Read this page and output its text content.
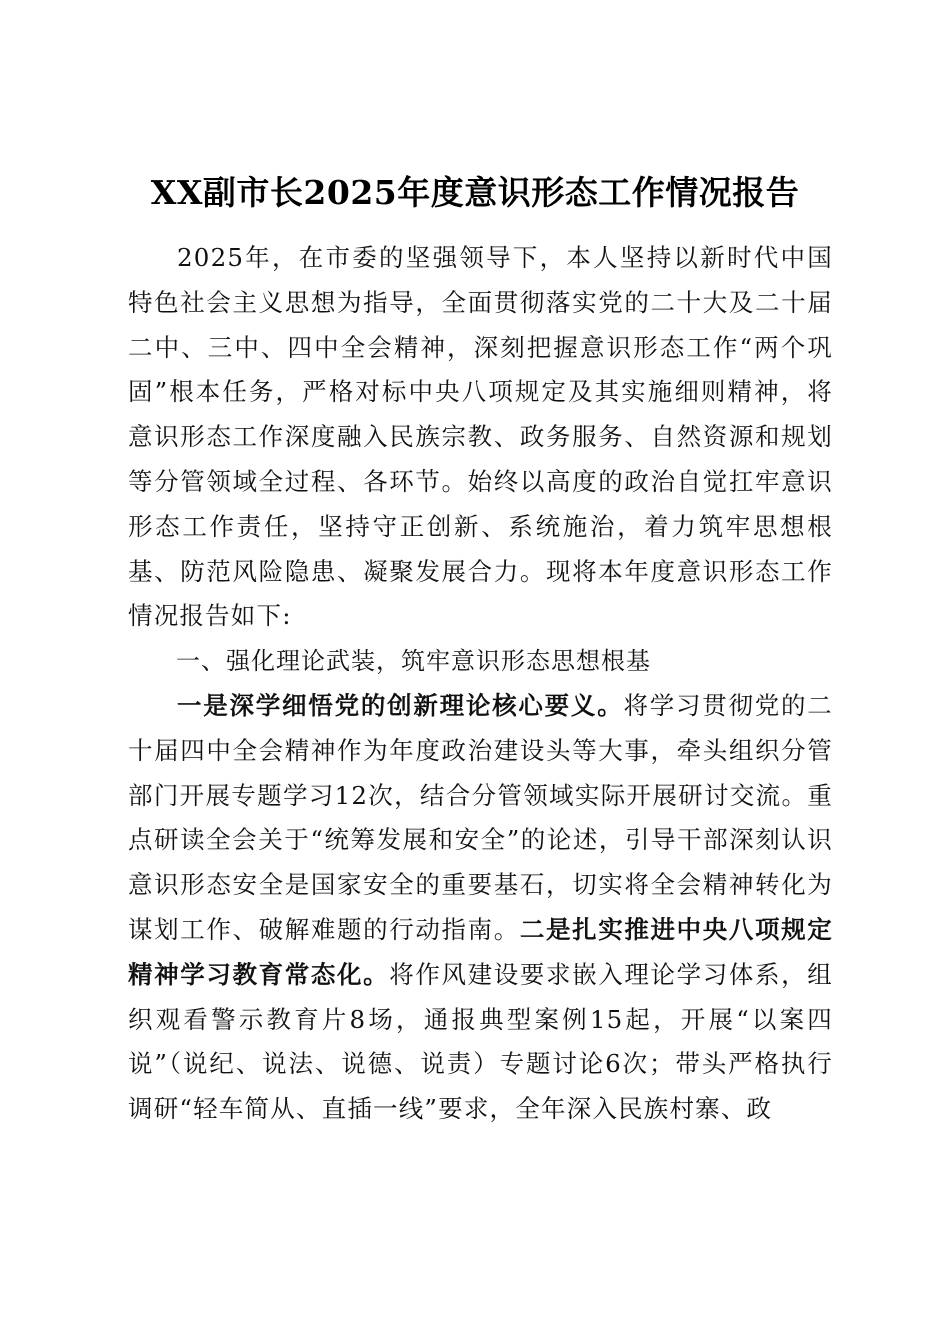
XX副市长2025年度意识形态工作情况报告

2025年，在市委的坚强领导下，本人坚持以新时代中国特色社会主义思想为指导，全面贯彻落实党的二十大及二十届二中、三中、四中全会精神，深刻把握意识形态工作“两个巩固”根本任务，严格对标中央八项规定及其实施细则精神，将意识形态工作深度融入民族宗教、政务服务、自然资源和规划等分管领域全过程、各环节。始终以高度的政治自觉扛牢意识形态工作责任，坚持守正创新、系统施治，着力筑牢思想根基、防范风险隐患、凝聚发展合力。现将本年度意识形态工作情况报告如下:

一、强化理论武装，筑牢意识形态思想根基

一是深学细悟党的创新理论核心要义。将学习贯彻党的二十届四中全会精神作为年度政治建设头等大事，牵头组织分管部门开展专题学习12次，结合分管领域实际开展研讨交流。重点研读全会关于“统筹发展和安全”的论述，引导干部深刻认识意识形态安全是国家安全的重要基石，切实将全会精神转化为谋划工作、破解难题的行动指南。二是扎实推进中央八项规定精神学习教育常态化。将作风建设要求嵌入理论学习体系，组织观看警示教育片8场，通报典型案例15起，开展“以案四说”（说纪、说法、说德、说责）专题讨论6次；带头严格执行调研“轻车简从、直插一线”要求，全年深入民族村寨、政
